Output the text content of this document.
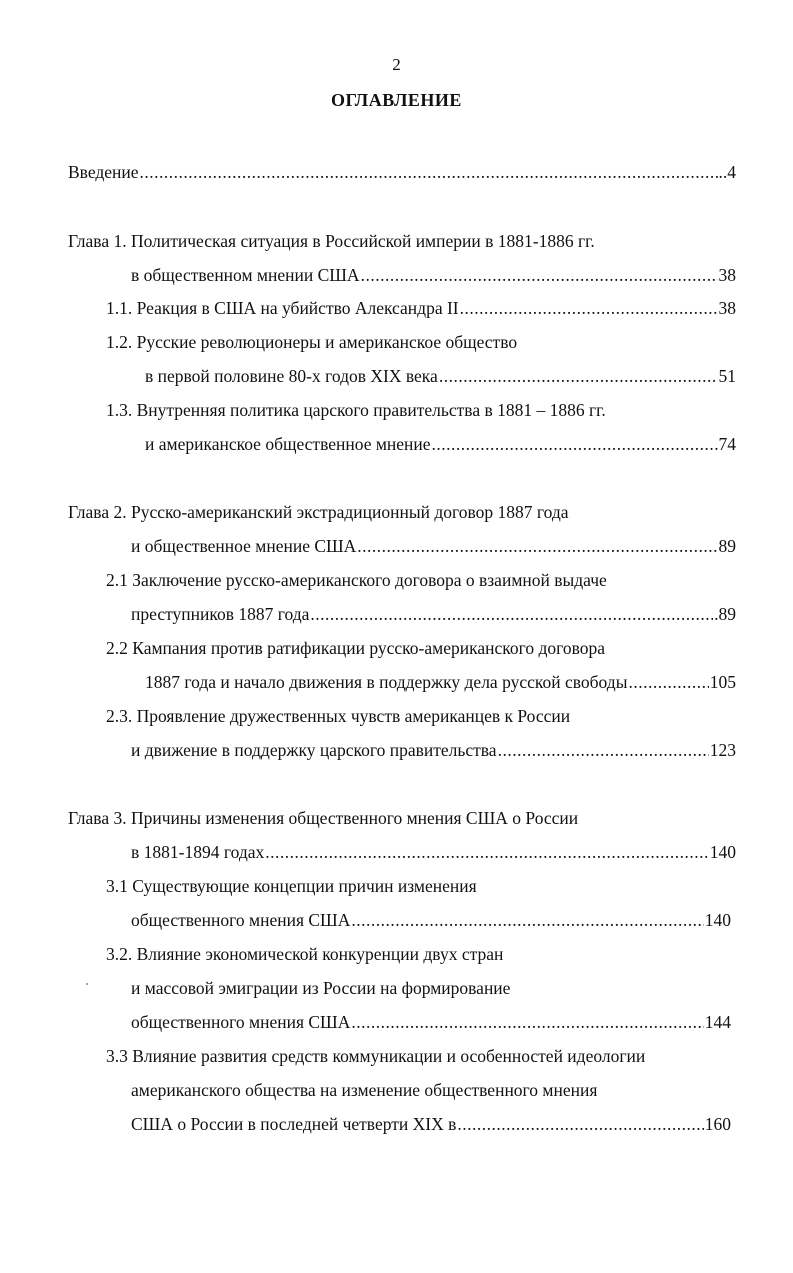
2
ОГЛАВЛЕНИЕ
Введение .....	..4
Глава 1. Политическая ситуация в Российской империи в 1881-1886 гг.
в общественном мнении США .....	38
1.1. Реакция в США на убийство Александра II .....	38
1.2. Русские революционеры и американское общество
в первой половине 80-х годов XIX века .....	51
1.3. Внутренняя политика царского правительства в 1881 – 1886 гг.
и американское общественное мнение .....	74
Глава 2. Русско-американский экстрадиционный договор 1887 года
и общественное мнение США .....	89
2.1 Заключение русско-американского договора о взаимной выдаче
преступников 1887 года .....	.89
2.2 Кампания против ратификации русско-американского договора
1887 года и начало движения в поддержку дела русской свободы .....	105
2.3. Проявление дружественных чувств американцев к России
и движение в поддержку царского правительства .....	123
Глава 3. Причины изменения общественного мнения США о России
в 1881-1894 годах .....	140
3.1 Существующие концепции причин изменения
общественного мнения США .....	140
3.2. Влияние экономической конкуренции двух стран
и массовой эмиграции из России на формирование
общественного мнения США .....	144
3.3 Влияние развития средств коммуникации и особенностей идеологии
американского общества на изменение общественного мнения
США о России в последней четверти XIX в .....	160
